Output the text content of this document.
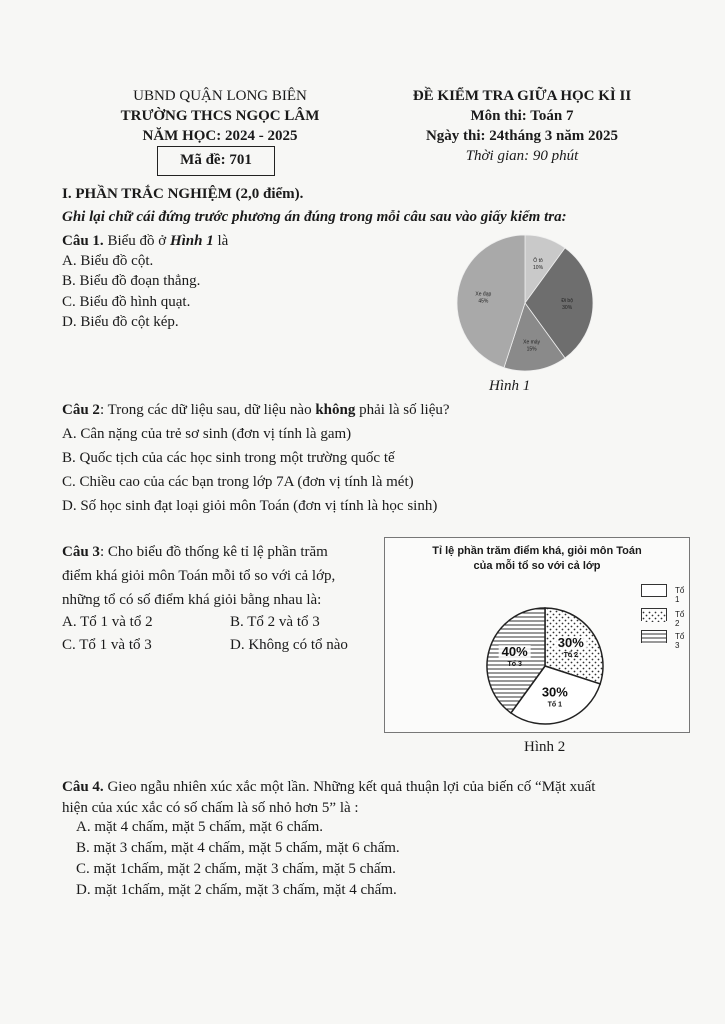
UBND QUẬN LONG BIÊN
TRƯỜNG THCS NGỌC LÂM
NĂM HỌC: 2024 - 2025
Mã đề: 701
ĐỀ KIỂM TRA GIỮA HỌC KÌ II
Môn thi: Toán 7
Ngày thi: 24tháng 3 năm 2025
Thời gian: 90 phút
I. PHẦN TRẮC NGHIỆM (2,0 điểm).
Ghi lại chữ cái đứng trước phương án đúng trong mỗi câu sau vào giấy kiểm tra:
Câu 1. Biểu đồ ở Hình 1 là
A. Biểu đồ cột.
B. Biểu đồ đoạn thẳng.
C. Biểu đồ hình quạt.
D. Biểu đồ cột kép.
Ô tô
10%
Đi bộ
30%
Xe máy
15%
Xe đạp
45%
Hình 1
Câu 2: Trong các dữ liệu sau, dữ liệu nào không phải là số liệu?
A. Cân nặng của trẻ sơ sinh (đơn vị tính là gam)
B. Quốc tịch của các học sinh trong một trường quốc tế
C. Chiều cao của các bạn trong lớp 7A (đơn vị tính là mét)
D. Số học sinh đạt loại giỏi môn Toán (đơn vị tính là học sinh)
Câu 3: Cho biểu đồ thống kê tỉ lệ phần trăm
điểm khá giỏi môn Toán mỗi tổ so với cả lớp,
những tổ có số điểm khá giỏi bằng nhau là:
A. Tổ 1 và tổ 2	B. Tổ 2 và tổ 3
C. Tổ 1 và tổ 3	D. Không có tổ nào
Tỉ lệ phần trăm điểm khá, giỏi môn Toán
của mỗi tổ so với cả lớp
30%
Tổ 2
30%
Tổ 1
40%
Tổ 3
Tổ 1
Tổ 2
Tổ 3
Hình 2
Câu 4. Gieo ngẫu nhiên xúc xắc một lần. Những kết quả thuận lợi của biến cố “Mặt xuất
hiện của xúc xắc có số chấm là số nhỏ hơn 5” là :
A. mặt 4 chấm, mặt 5 chấm, mặt 6 chấm.
B. mặt 3 chấm, mặt 4 chấm, mặt 5 chấm, mặt 6 chấm.
C. mặt 1chấm, mặt 2 chấm, mặt 3 chấm, mặt 5 chấm.
D. mặt 1chấm, mặt 2 chấm, mặt 3 chấm, mặt 4 chấm.
